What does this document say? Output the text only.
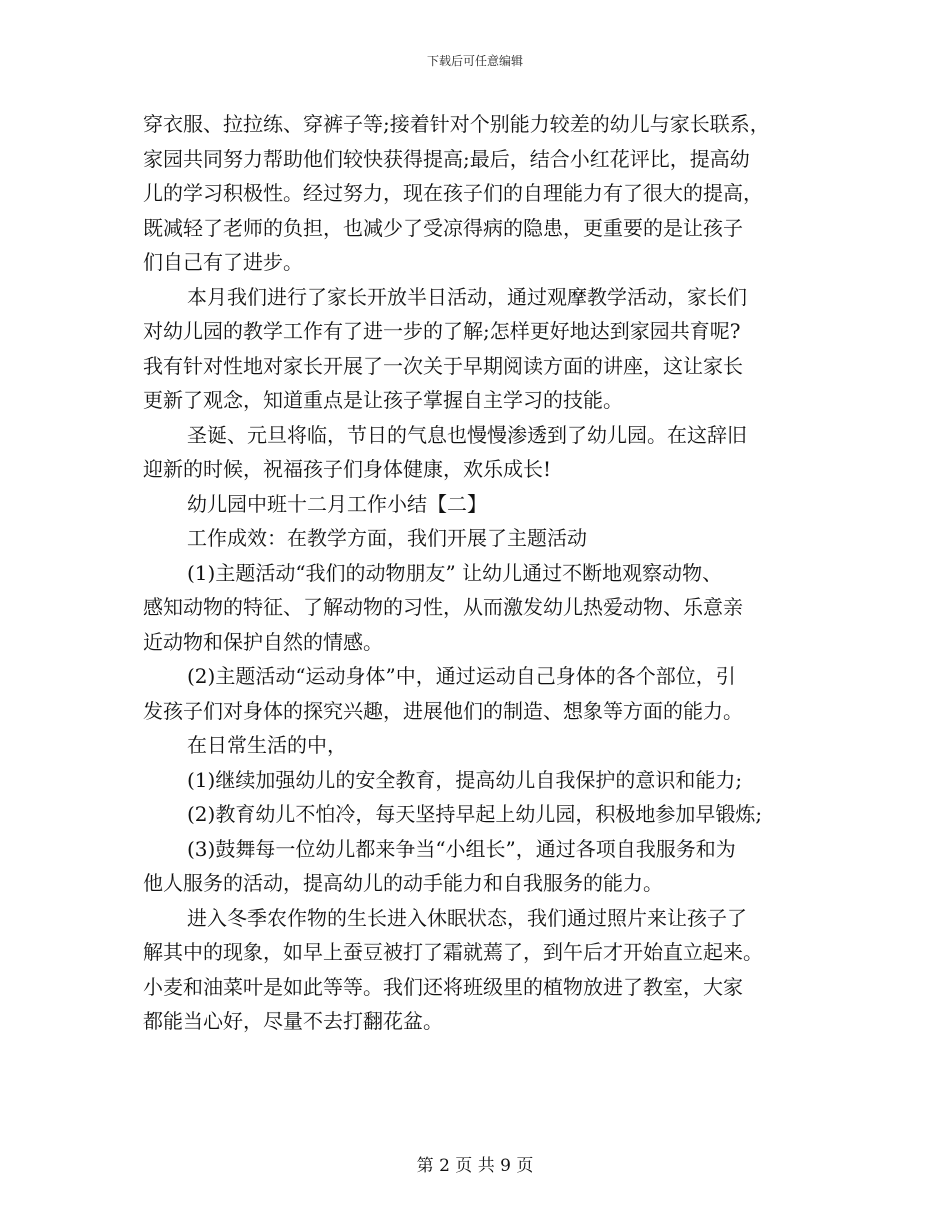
下载后可任意编辑
穿衣服、拉拉练、穿裤子等;接着针对个别能力较差的幼儿与家长联系，
家园共同努力帮助他们较快获得提高;最后，结合小红花评比，提高幼
儿的学习积极性。经过努力，现在孩子们的自理能力有了很大的提高，
既减轻了老师的负担，也减少了受凉得病的隐患，更重要的是让孩子
们自己有了进步。
本月我们进行了家长开放半日活动，通过观摩教学活动，家长们
对幼儿园的教学工作有了进一步的了解;怎样更好地达到家园共育呢?
我有针对性地对家长开展了一次关于早期阅读方面的讲座，这让家长
更新了观念，知道重点是让孩子掌握自主学习的技能。
圣诞、元旦将临，节日的气息也慢慢渗透到了幼儿园。在这辞旧
迎新的时候，祝福孩子们身体健康，欢乐成长!
幼儿园中班十二月工作小结【二】
工作成效：在教学方面，我们开展了主题活动
(1)主题活动“我们的动物朋友” 让幼儿通过不断地观察动物、
感知动物的特征、了解动物的习性，从而激发幼儿热爱动物、乐意亲
近动物和保护自然的情感。
(2)主题活动“运动身体”中，通过运动自己身体的各个部位，引
发孩子们对身体的探究兴趣，进展他们的制造、想象等方面的能力。
在日常生活的中，
(1)继续加强幼儿的安全教育，提高幼儿自我保护的意识和能力;
(2)教育幼儿不怕冷，每天坚持早起上幼儿园，积极地参加早锻炼;
(3)鼓舞每一位幼儿都来争当“小组长”，通过各项自我服务和为
他人服务的活动，提高幼儿的动手能力和自我服务的能力。
进入冬季农作物的生长进入休眠状态，我们通过照片来让孩子了
解其中的现象，如早上蚕豆被打了霜就蔫了，到午后才开始直立起来。
小麦和油菜叶是如此等等。我们还将班级里的植物放进了教室，大家
都能当心好，尽量不去打翻花盆。
第 2 页 共 9 页
